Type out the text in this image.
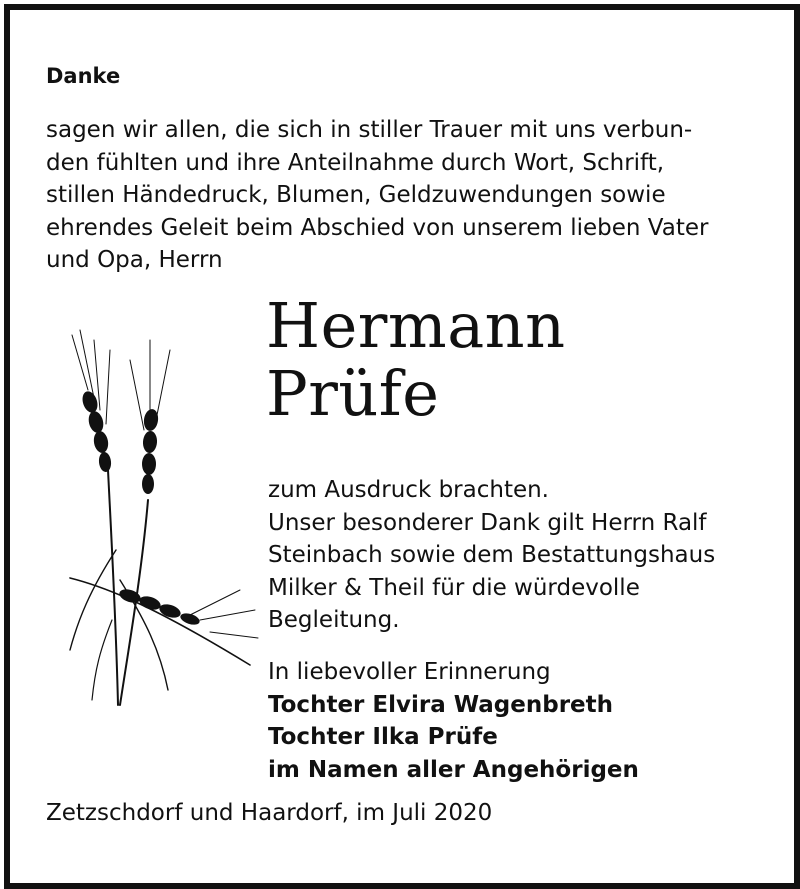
Danke
sagen wir allen, die sich in stiller Trauer mit uns verbun-
den fühlten und ihre Anteilnahme durch Wort, Schrift,
stillen Händedruck, Blumen, Geldzuwendungen sowie
ehrendes Geleit beim Abschied von unserem lieben Vater
und Opa, Herrn
Hermann
Prüfe
zum Ausdruck brachten.
Unser besonderer Dank gilt Herrn Ralf
Steinbach sowie dem Bestattungshaus
Milker & Theil für die würdevolle
Begleitung.
In liebevoller Erinnerung
Tochter Elvira Wagenbreth
Tochter Ilka Prüfe
im Namen aller Angehörigen
Zetzschdorf und Haardorf, im Juli 2020
